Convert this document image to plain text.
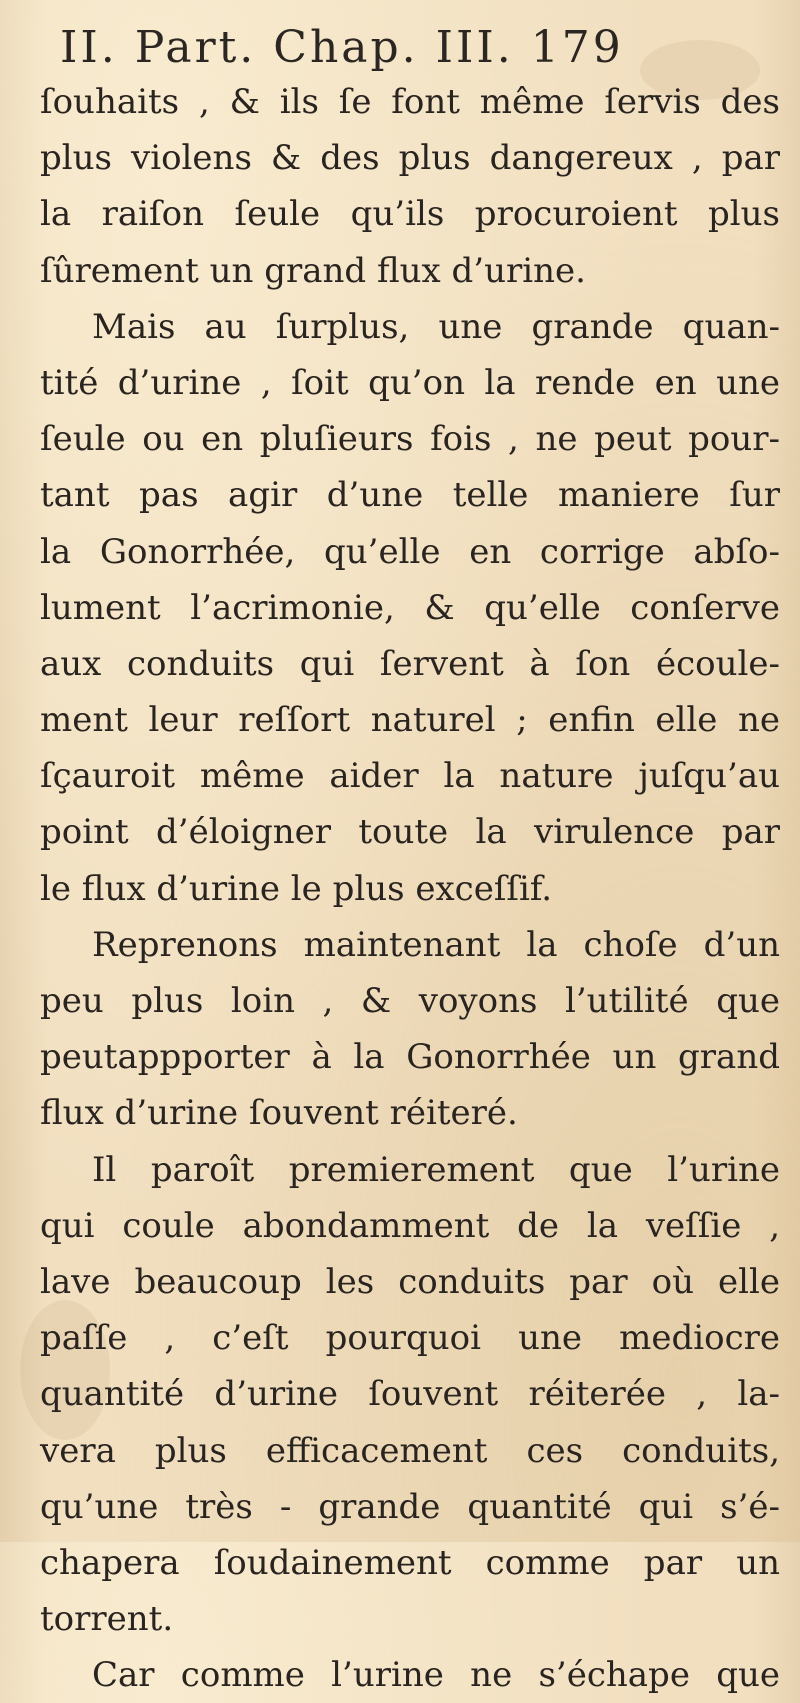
II. Part. Chap. III. 179
ſouhaits , & ils ſe font même ſervis des
plus violens & des plus dangereux , par
la raiſon ſeule qu’ils procuroient plus
ſûrement un grand flux d’urine.
Mais au ſurplus, une grande quan-
tité d’urine , ſoit qu’on la rende en une
ſeule ou en pluſieurs fois , ne peut pour-
tant pas agir d’une telle maniere ſur
la Gonorrhée, qu’elle en corrige abſo-
lument l’acrimonie, & qu’elle conſerve
aux conduits qui ſervent à ſon écoule-
ment leur reſſort naturel ; enfin elle ne
ſçauroit même aider la nature juſqu’au
point d’éloigner toute la virulence par
le flux d’urine le plus exceſſif.
Reprenons maintenant la choſe d’un
peu plus loin , & voyons l’utilité que
peutappporter à la Gonorrhée un grand
flux d’urine ſouvent réiteré.
Il paroît premierement que l’urine
qui coule abondamment de la veſſie ,
lave beaucoup les conduits par où elle
paſſe , c’eſt pourquoi une mediocre
quantité d’urine ſouvent réiterée , la-
vera plus efficacement ces conduits,
qu’une très - grande quantité qui s’é-
chapera ſoudainement comme par un
torrent.
Car comme l’urine ne s’échape que
